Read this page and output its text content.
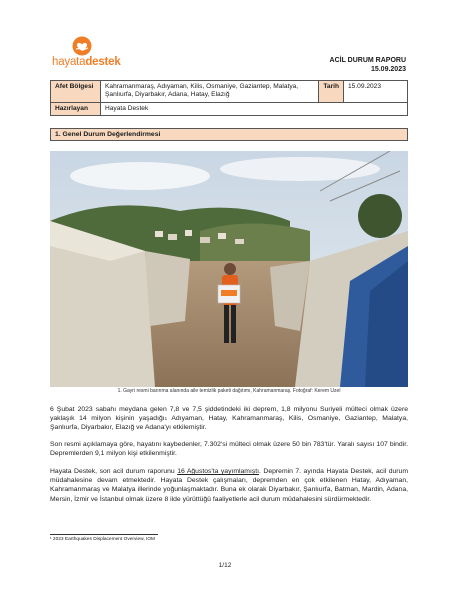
hayatadestek	ACİL DURUM RAPORU
15.09.2023
Afet Bölgesi	Kahramanmaraş, Adıyaman, Kilis, Osmaniye, Gaziantep, Malatya, Şanlıurfa, Diyarbakır, Adana, Hatay, Elazığ	Tarih	15.09.2023
Hazırlayan	Hayata Destek		
1. Genel Durum Değerlendirmesi
1. Gayri resmi barınma alanında aile temizlik paketi dağıtımı, Kahramanmaraş. Fotoğraf: Kerem Uzel

6 Şubat 2023 sabahı meydana gelen 7,8 ve 7,5 şiddetindeki iki deprem, 1,8 milyonu Suriyeli mülteci olmak üzere yaklaşık 14 milyon kişinin yaşadığı$^1$ Adıyaman, Hatay, Kahramanmaraş, Kilis, Osmaniye, Gaziantep, Malatya, Şanlıurfa, Diyarbakır, Elazığ ve Adana'yı etkilemiştir.

Son resmi açıklamaya göre, hayatını kaybedenler, 7.302'si mülteci olmak üzere 50 bin 783'tür. Yaralı sayısı 107 bindir. Depremlerden 9,1 milyon kişi etkilenmiştir.

Hayata Destek, son acil durum raporunu 16 Ağustos'ta yayımlamıştı. Depremin 7. ayında Hayata Destek, acil durum müdahalesine devam etmektedir. Hayata Destek çalışmaları, depremden en çok etkilenen Hatay, Adıyaman, Kahramanmaraş ve Malatya illerinde yoğunlaşmaktadır. Buna ek olarak Diyarbakır, Şanlıurfa, Batman, Mardin, Adana, Mersin, İzmir ve İstanbul olmak üzere 8 ilde yürüttüğü faaliyetlerle acil durum müdahalesini sürdürmektedir.

¹ 2023 Earthquakes Displacement Overview, IOM
1/12
